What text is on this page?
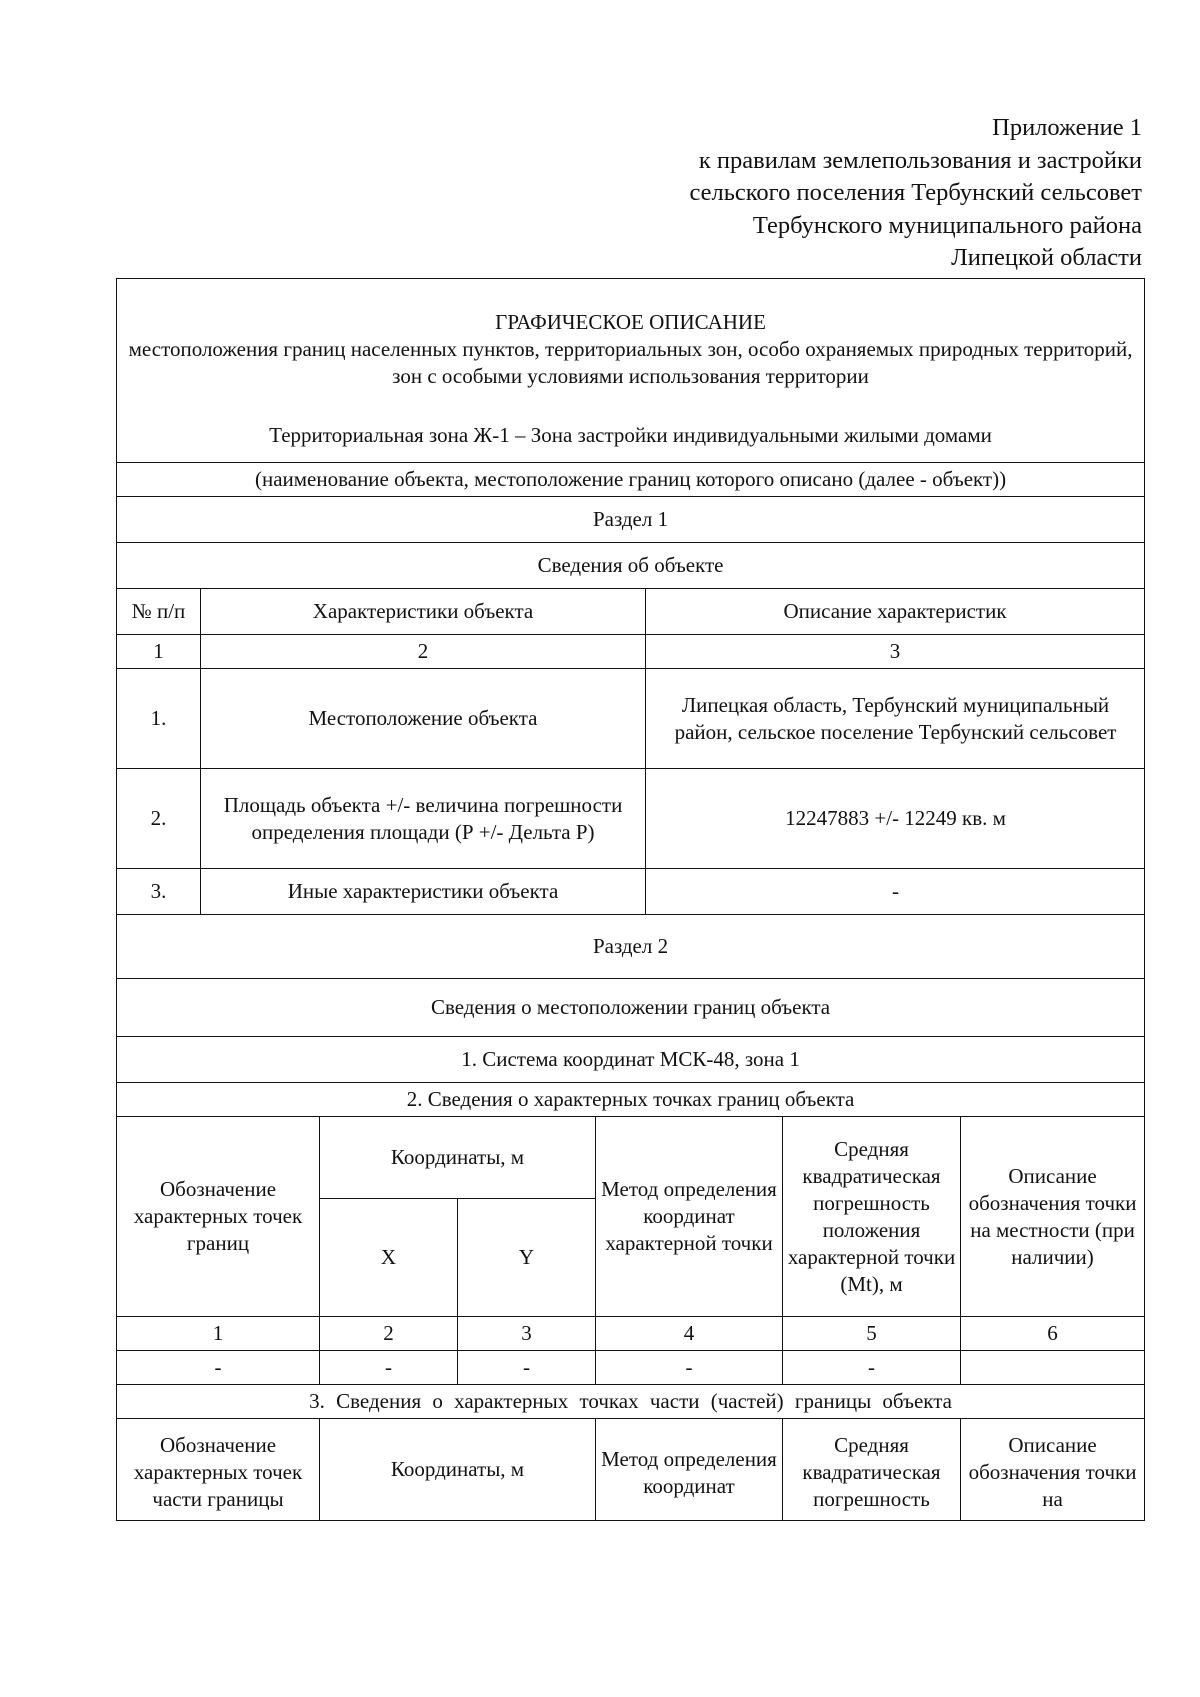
Приложение 1
к правилам землепользования и застройки
сельского поселения Тербунский сельсовет
Тербунского муниципального района
Липецкой области
ГРАФИЧЕСКОЕ ОПИСАНИЕ
местоположения границ населенных пунктов, территориальных зон, особо охраняемых природных территорий, зон с особыми условиями использования территории
Территориальная зона Ж-1 – Зона застройки индивидуальными жилыми домами							

(наименование объекта, местоположение границ которого описано (далее - объект))							
Раздел 1							
Сведения об объекте							
№ п/п	Характеристики объекта				Описание характеристик		
1	2				3		
1.	Местоположение объекта				Липецкая область, Тербунский муниципальный район, сельское поселение Тербунский сельсовет		
2.	Площадь объекта +/- величина погрешности определения площади (Р +/- Дельта Р)				12247883 +/- 12249 кв. м		
3.	Иные характеристики объекта				-		
Раздел 2							
Сведения о местоположении границ объекта							
1. Система координат МСК-48, зона 1							
2. Сведения о характерных точках границ объекта							
Обозначение характерных точек границ		Координаты, м		Метод определения координат характерной точки		Средняя квадратическая погрешность положения характерной точки (Mt), м	Описание обозначения точки на местности (при наличии)
		X	Y				
1		2	3	4		5	6
-		-	-	-		-	
3. Сведения о характерных точках части (частей) границы объекта							
Обозначение характерных точек части границы		Координаты, м		Метод определения координат		Средняя квадратическая погрешность	Описание обозначения точки на
